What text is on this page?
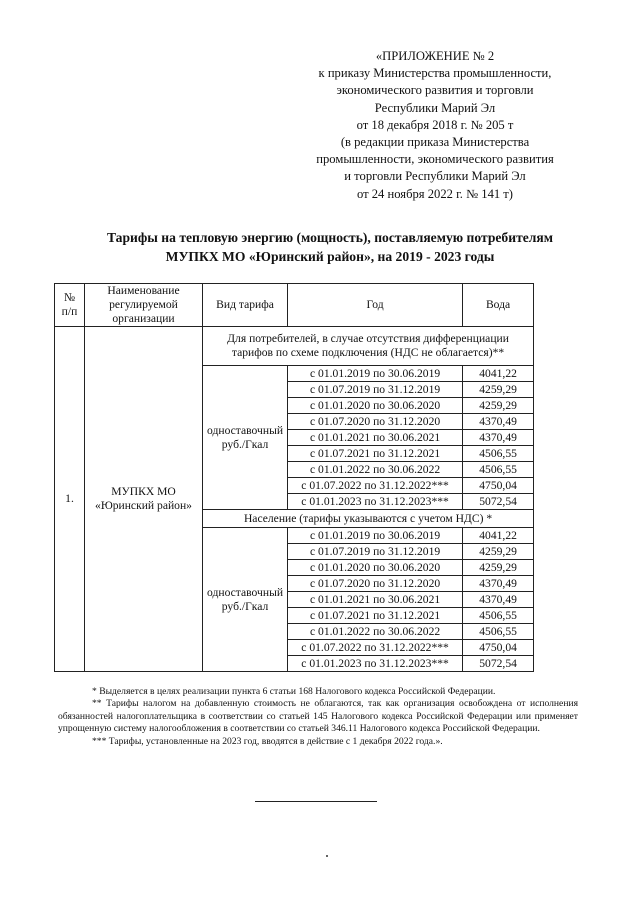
«ПРИЛОЖЕНИЕ № 2
к приказу Министерства промышленности,
экономического развития и торговли
Республики Марий Эл
от 18 декабря 2018 г. № 205 т
(в редакции приказа Министерства
промышленности, экономического развития
и торговли Республики Марий Эл
от 24 ноября 2022 г. № 141 т)
Тарифы на тепловую энергию (мощность), поставляемую потребителям
МУПКХ МО «Юринский район», на 2019 - 2023 годы
№ п/п	Наименование регулируемой организации	Вид тарифа	Год	Вода
1.	МУПКХ МО «Юринский район»	Для потребителей, в случае отсутствия дифференциации тарифов по схеме подключения (НДС не облагается)**		
		одноставочный руб./Гкал	с 01.01.2019 по 30.06.2019	4041,22
			с 01.07.2019 по 31.12.2019	4259,29
			с 01.01.2020 по 30.06.2020	4259,29
			с 01.07.2020 по 31.12.2020	4370,49
			с 01.01.2021 по 30.06.2021	4370,49
			с 01.07.2021 по 31.12.2021	4506,55
			с 01.01.2022 по 30.06.2022	4506,55
			с 01.07.2022 по 31.12.2022***	4750,04
			с 01.01.2023 по 31.12.2023***	5072,54
		Население (тарифы указываются с учетом НДС) *		
		одноставочный руб./Гкал	с 01.01.2019 по 30.06.2019	4041,22
			с 01.07.2019 по 31.12.2019	4259,29
			с 01.01.2020 по 30.06.2020	4259,29
			с 01.07.2020 по 31.12.2020	4370,49
			с 01.01.2021 по 30.06.2021	4370,49
			с 01.07.2021 по 31.12.2021	4506,55
			с 01.01.2022 по 30.06.2022	4506,55
			с 01.07.2022 по 31.12.2022***	4750,04
			с 01.01.2023 по 31.12.2023***	5072,54

* Выделяется в целях реализации пункта 6 статьи 168 Налогового кодекса Российской Федерации.

** Тарифы налогом на добавленную стоимость не облагаются, так как организация освобождена от исполнения обязанностей налогоплательщика в соответствии со статьей 145 Налогового кодекса Российской Федерации или применяет упрощенную систему налогообложения в соответствии со статьей 346.11 Налогового кодекса Российской Федерации.

*** Тарифы, установленные на 2023 год, вводятся в действие с 1 декабря 2022 года.».
